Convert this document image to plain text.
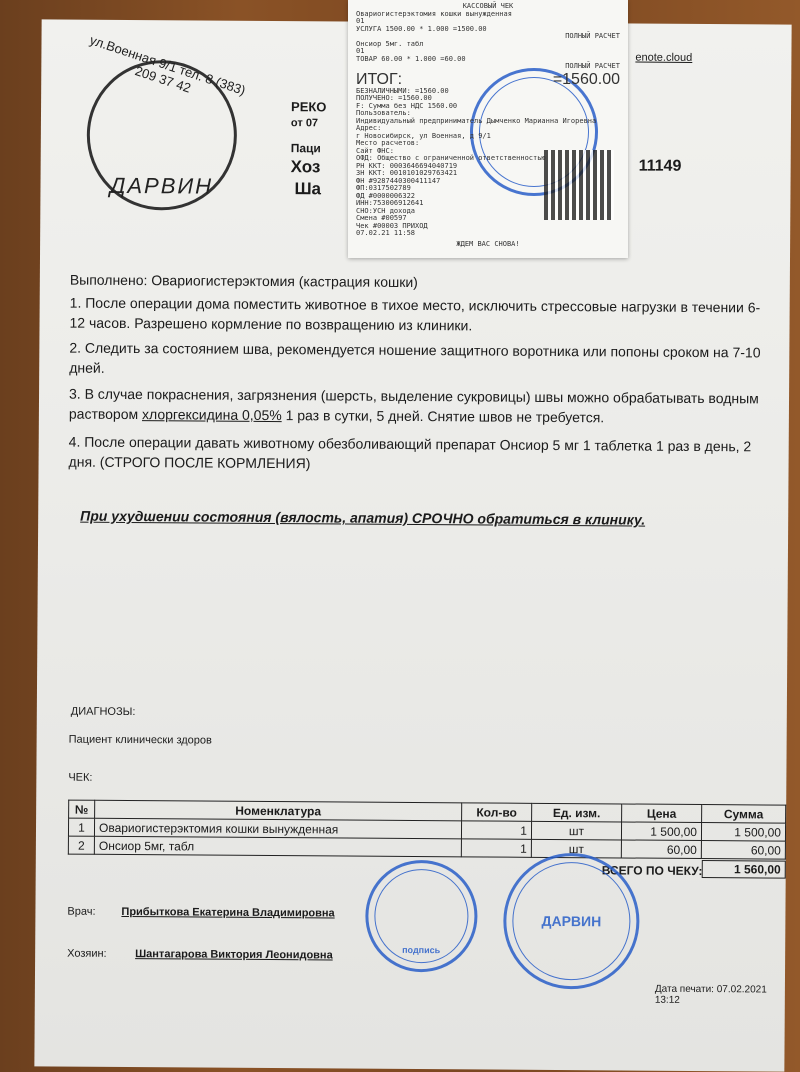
ул.Военная 9/1 тел. 8 (383) 209 37 42
ДАРВИН
РЕКО
от 07
Паци
Хоз
Ша
11149
enote.cloud
Выполнено: Овариогистерэктомия (кастрация кошки)
1. После операции дома поместить животное в тихое место, исключить стрессовые нагрузки в течении 6-12 часов. Разрешено кормление по возвращению из клиники.
2. Следить за состоянием шва, рекомендуется ношение защитного воротника или попоны сроком на 7-10 дней.
3. В случае покраснения, загрязнения (шерсть, выделение сукровицы) швы можно обрабатывать водным раствором хлоргексидина 0,05% 1 раз в сутки, 5 дней. Снятие швов не требуется.
4. После операции давать животному обезболивающий препарат Онсиор 5 мг 1 таблетка 1 раз в день, 2 дня. (СТРОГО ПОСЛЕ КОРМЛЕНИЯ)
При ухудшении состояния (вялость, апатия) СРОЧНО обратиться в клинику.
ДИАГНОЗЫ:
Пациент клинически здоров
ЧЕК:
№	Номенклатура	Кол-во	Ед. изм.	Цена	Сумма
1	Овариогистерэктомия кошки вынужденная	1	шт	1 500,00	1 500,00
2	Онсиор 5мг, табл	1	шт	60,00	60,00
ВСЕГО ПО ЧЕКУ:	1 560,00
подпись
ДАРВИН
Врач: Прибыткова Екатерина Владимировна
Хозяин:	Шантагарова Виктория Леонидовна
Дата печати: 07.02.2021 13:12
КАССОВЫЙ ЧЕК
Овариогистерэктомия кошки вынужденная
01
УСЛУГА 1500.00 * 1.000 =1500.00
ПОЛНЫЙ РАСЧЕТ
Онсиор 5мг. табл
01
ТОВАР 60.00 * 1.000 =60.00
ПОЛНЫЙ РАСЧЕТ
ИТОГ:	=1560.00
БЕЗНАЛИЧНЫМИ: =1560.00
ПОЛУЧЕНО: =1560.00
F: Сумма без НДС 1560.00
Пользователь:
Индивидуальный предприниматель Дымченко Марианна Игоревна
Адрес:
г Новосибирск, ул Военная, д 9/1
Место расчетов:
Сайт ФНС:
ОФД: Общество с ограниченной ответственностью
РН ККТ: 0003646694040719
ЗН ККТ: 0010101029763421
ФН #9287440300411147
ФП:0317502789
ФД #0000006322
ИНН:753006912641
СНО:УСН дохода
Смена #00597
Чек #00003 ПРИХОД
07.02.21 11:58
ЖДЕМ ВАС СНОВА!
